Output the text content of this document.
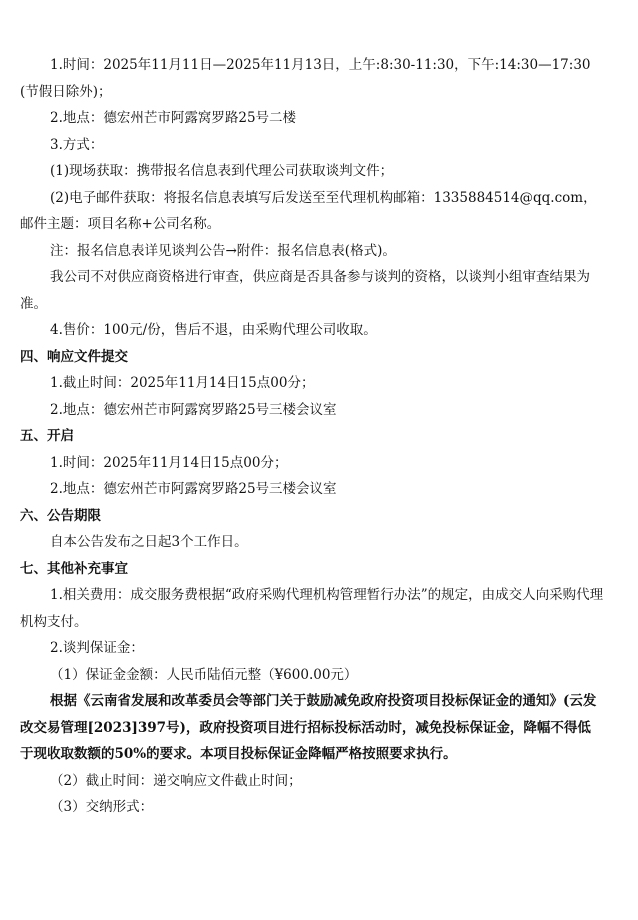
1.时间：2025年11月11日—2025年11月13日，上午:8:30-11:30，下午:14:30—17:30(节假日除外)；

2.地点：德宏州芒市阿露窝罗路25号二楼

3.方式：

(1)现场获取：携带报名信息表到代理公司获取谈判文件；

(2)电子邮件获取：将报名信息表填写后发送至至代理机构邮箱：1335884514@qq.com，邮件主题：项目名称+公司名称。

注：报名信息表详见谈判公告→附件：报名信息表(格式)。

我公司不对供应商资格进行审查，供应商是否具备参与谈判的资格，以谈判小组审查结果为准。

4.售价：100元/份，售后不退，由采购代理公司收取。

四、响应文件提交

1.截止时间：2025年11月14日15点00分；

2.地点：德宏州芒市阿露窝罗路25号三楼会议室

五、开启

1.时间：2025年11月14日15点00分；

2.地点：德宏州芒市阿露窝罗路25号三楼会议室

六、公告期限

自本公告发布之日起3个工作日。

七、其他补充事宜

1.相关费用：成交服务费根据“政府采购代理机构管理暂行办法”的规定，由成交人向采购代理机构支付。

2.谈判保证金：

（1）保证金金额：人民币陆佰元整（¥600.00元）

根据《云南省发展和改革委员会等部门关于鼓励减免政府投资项目投标保证金的通知》(云发改交易管理[2023]397号)，政府投资项目进行招标投标活动时，减免投标保证金，降幅不得低于现收取数额的50%的要求。本项目投标保证金降幅严格按照要求执行。

（2）截止时间：递交响应文件截止时间；

（3）交纳形式：
